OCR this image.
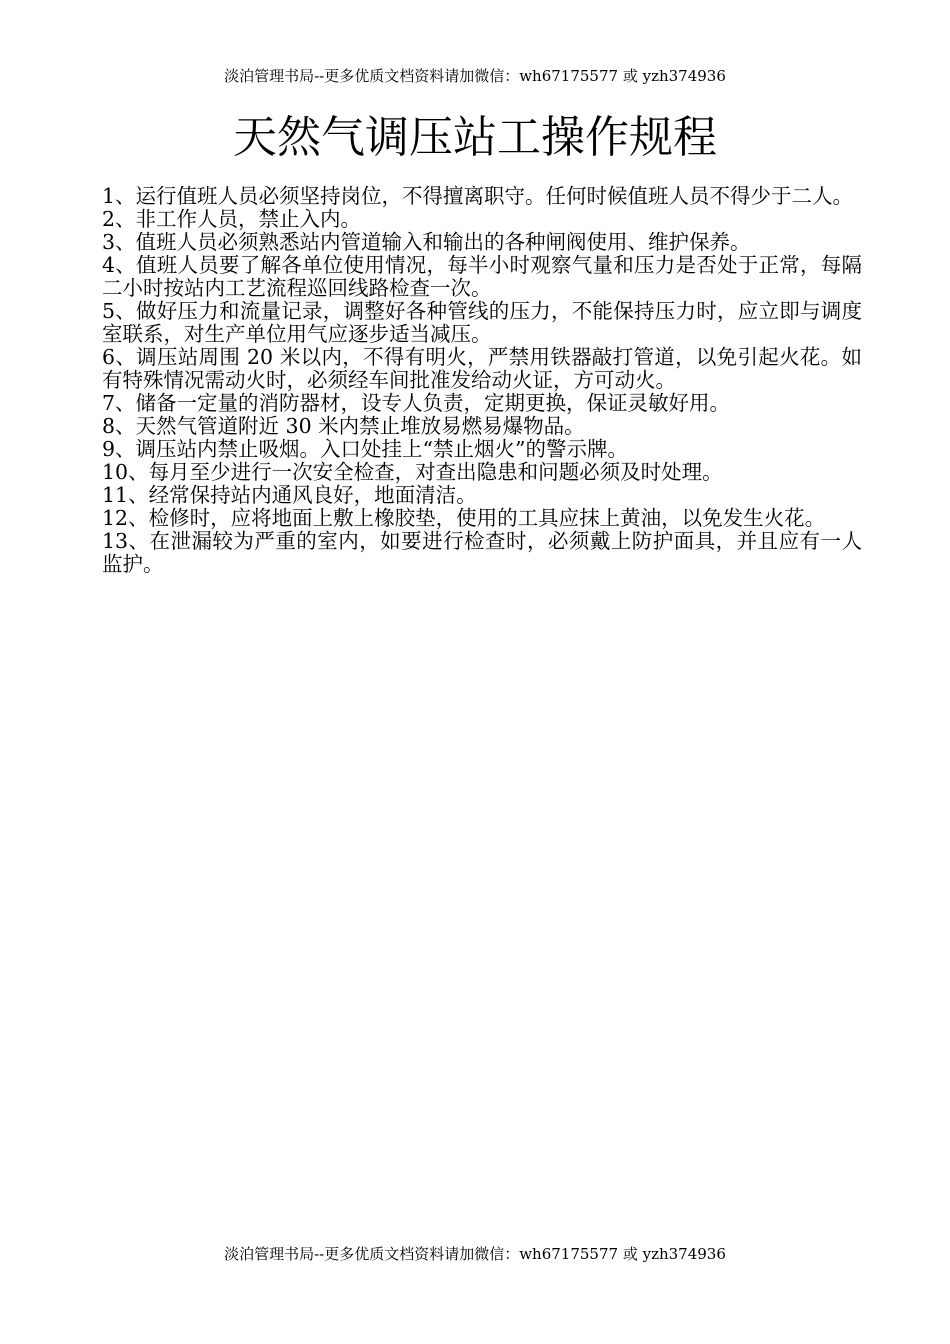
淡泊管理书局--更多优质文档资料请加微信：wh67175577 或 yzh374936
天然气调压站工操作规程
1、运行值班人员必须坚持岗位，不得擅离职守。任何时候值班人员不得少于二人。
2、非工作人员，禁止入内。
3、值班人员必须熟悉站内管道输入和输出的各种闸阀使用、维护保养。
4、值班人员要了解各单位使用情况，每半小时观察气量和压力是否处于正常，每隔二小时按站内工艺流程巡回线路检查一次。
5、做好压力和流量记录，调整好各种管线的压力，不能保持压力时，应立即与调度室联系，对生产单位用气应逐步适当减压。
6、调压站周围 20 米以内，不得有明火，严禁用铁器敲打管道，以免引起火花。如有特殊情况需动火时，必须经车间批准发给动火证，方可动火。
7、储备一定量的消防器材，设专人负责，定期更换，保证灵敏好用。
8、天然气管道附近 30 米内禁止堆放易燃易爆物品。
9、调压站内禁止吸烟。入口处挂上“禁止烟火”的警示牌。
10、每月至少进行一次安全检查，对查出隐患和问题必须及时处理。
11、经常保持站内通风良好，地面清洁。
12、检修时，应将地面上敷上橡胶垫，使用的工具应抹上黄油，以免发生火花。
13、在泄漏较为严重的室内，如要进行检查时，必须戴上防护面具，并且应有一人监护。
淡泊管理书局--更多优质文档资料请加微信：wh67175577 或 yzh374936
